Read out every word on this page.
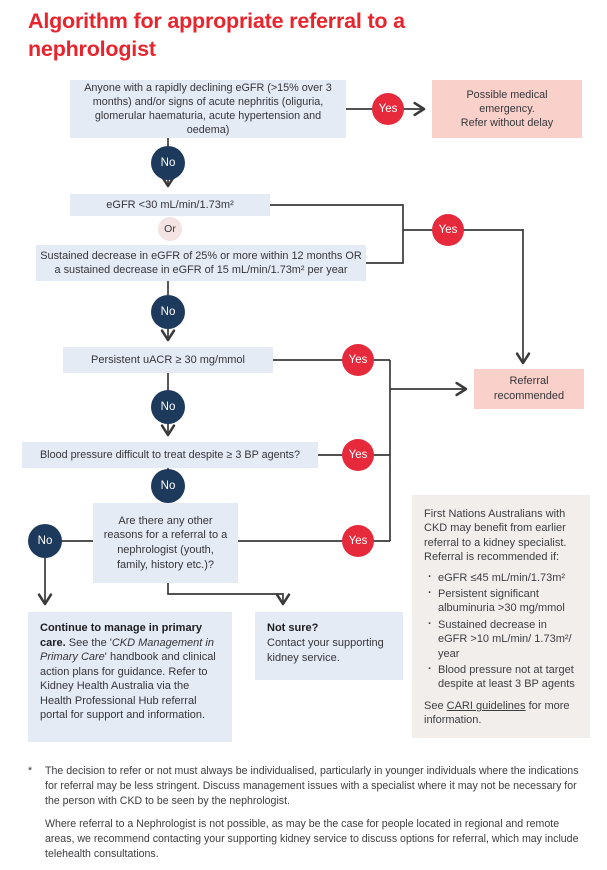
Algorithm for appropriate referral to a nephrologist
Anyone with a rapidly declining eGFR (>15% over 3 months) and/or signs of acute nephritis (oliguria, glomerular haematuria, acute hypertension and oedema)
Possible medical emergency.
Refer without delay
eGFR <30 mL/min/1.73m²
Sustained decrease in eGFR of 25% or more within 12 months OR a sustained decrease in eGFR of 15 mL/min/1.73m² per year
Persistent uACR ≥ 30 mg/mmol
Blood pressure difficult to treat despite ≥ 3 BP agents?
Are there any other reasons for a referral to a nephrologist (youth, family, history etc.)?
Referral recommended
Yes
Yes
Yes
Yes
Yes
No
No
No
No
No
Or
Continue to manage in primary care. See the 'CKD Management in Primary Care' handbook and clinical action plans for guidance. Refer to Kidney Health Australia via the Health Professional Hub referral portal for support and information.
Not sure?
Contact your supporting kidney service.
First Nations Australians with CKD may benefit from earlier referral to a kidney specialist. Referral is recommended if:
· eGFR ≤45 mL/min/1.73m²
· Persistent significant albuminuria >30 mg/mmol
· Sustained decrease in eGFR >10 mL/min/ 1.73m²/ year
· Blood pressure not at target despite at least 3 BP agents
See CARI guidelines for more information.
* The decision to refer or not must always be individualised, particularly in younger individuals where the indications for referral may be less stringent. Discuss management issues with a specialist where it may not be necessary for the person with CKD to be seen by the nephrologist.

Where referral to a Nephrologist is not possible, as may be the case for people located in regional and remote areas, we recommend contacting your supporting kidney service to discuss options for referral, which may include telehealth consultations.
